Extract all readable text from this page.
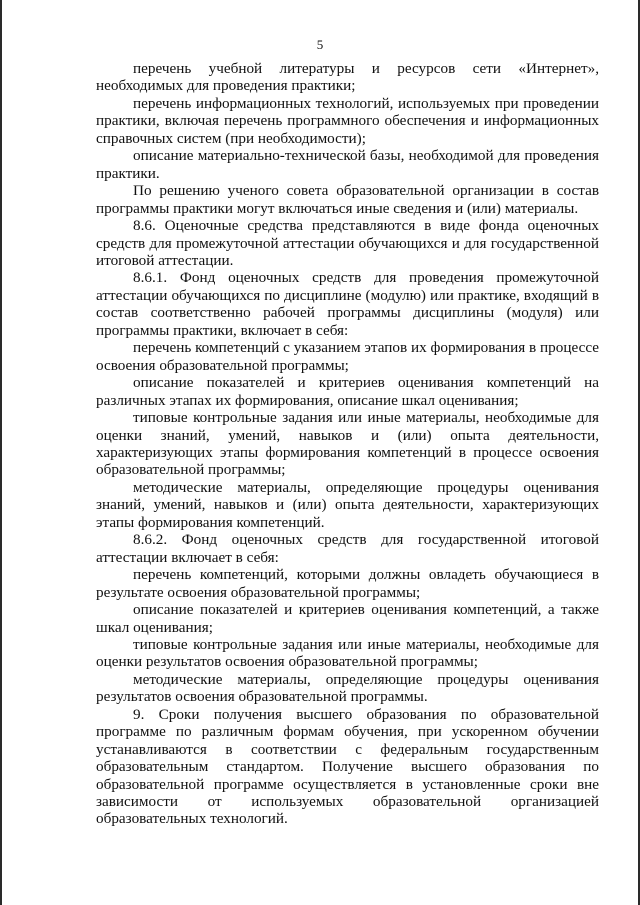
5

перечень учебной литературы и ресурсов сети «Интернет», необходимых для проведения практики;

перечень информационных технологий, используемых при проведении практики, включая перечень программного обеспечения и информационных справочных систем (при необходимости);

описание материально-технической базы, необходимой для проведения практики.

По решению ученого совета образовательной организации в состав программы практики могут включаться иные сведения и (или) материалы.

8.6. Оценочные средства представляются в виде фонда оценочных средств для промежуточной аттестации обучающихся и для государственной итоговой аттестации.

8.6.1. Фонд оценочных средств для проведения промежуточной аттестации обучающихся по дисциплине (модулю) или практике, входящий в состав соответственно рабочей программы дисциплины (модуля) или программы практики, включает в себя:

перечень компетенций с указанием этапов их формирования в процессе освоения образовательной программы;

описание показателей и критериев оценивания компетенций на различных этапах их формирования, описание шкал оценивания;

типовые контрольные задания или иные материалы, необходимые для оценки знаний, умений, навыков и (или) опыта деятельности, характеризующих этапы формирования компетенций в процессе освоения образовательной программы;

методические материалы, определяющие процедуры оценивания знаний, умений, навыков и (или) опыта деятельности, характеризующих этапы формирования компетенций.

8.6.2. Фонд оценочных средств для государственной итоговой аттестации включает в себя:

перечень компетенций, которыми должны овладеть обучающиеся в результате освоения образовательной программы;

описание показателей и критериев оценивания компетенций, а также шкал оценивания;

типовые контрольные задания или иные материалы, необходимые для оценки результатов освоения образовательной программы;

методические материалы, определяющие процедуры оценивания результатов освоения образовательной программы.

9. Сроки получения высшего образования по образовательной программе по различным формам обучения, при ускоренном обучении устанавливаются в соответствии с федеральным государственным образовательным стандартом. Получение высшего образования по образовательной программе осуществляется в установленные сроки вне зависимости от используемых образовательной организацией образовательных технологий.
